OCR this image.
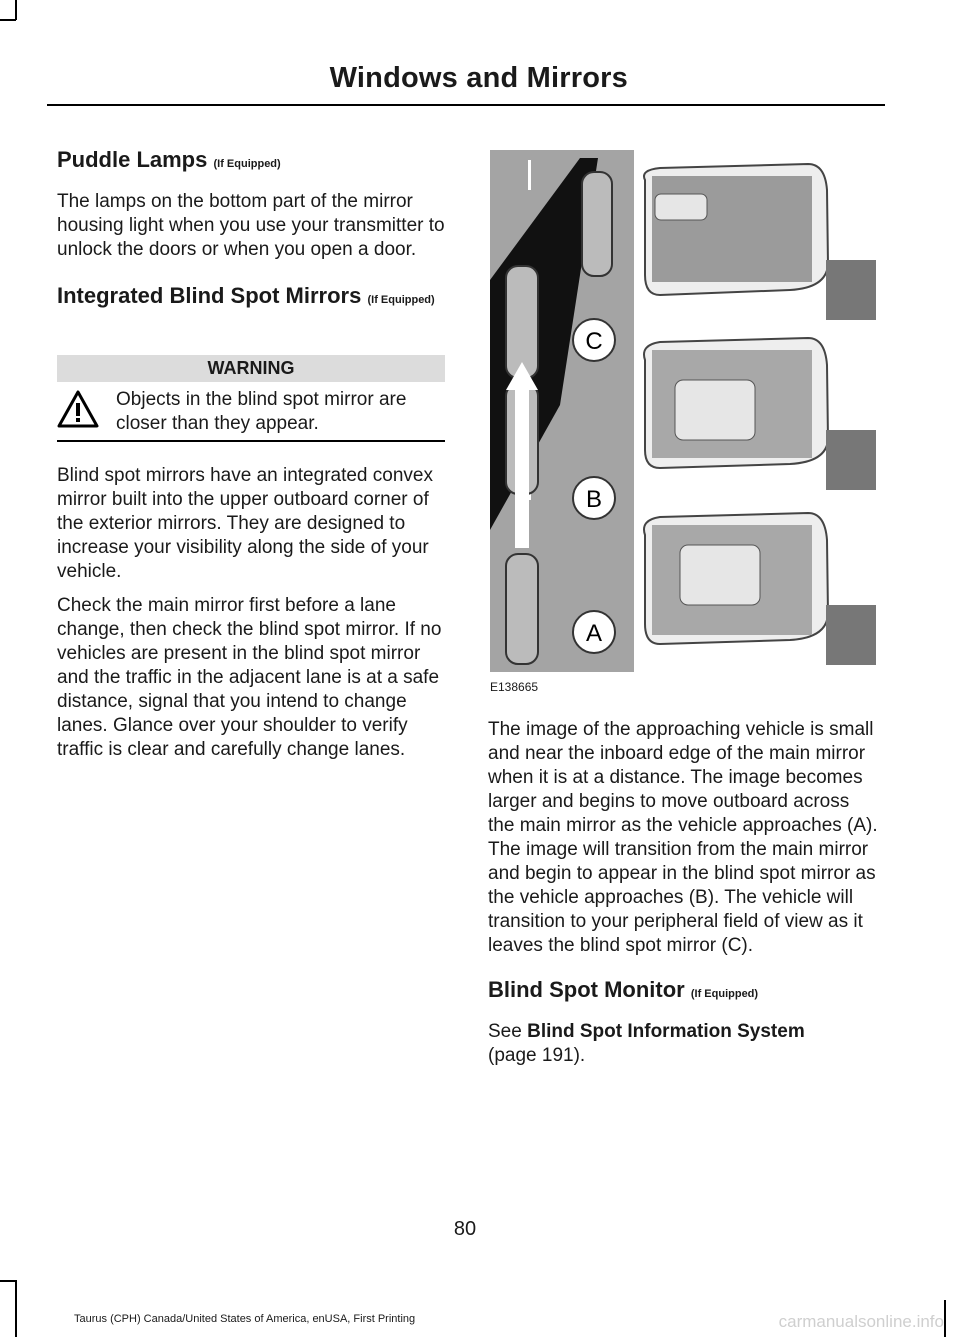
Windows and Mirrors
Puddle Lamps (If Equipped)

The lamps on the bottom part of the mirror housing light when you use your transmitter to unlock the doors or when you open a door.

Integrated Blind Spot Mirrors (If Equipped)
WARNING
Objects in the blind spot mirror are closer than they appear.

Blind spot mirrors have an integrated convex mirror built into the upper outboard corner of the exterior mirrors. They are designed to increase your visibility along the side of your vehicle.

Check the main mirror first before a lane change, then check the blind spot mirror. If no vehicles are present in the blind spot mirror and the traffic in the adjacent lane is at a safe distance, signal that you intend to change lanes. Glance over your shoulder to verify traffic is clear and carefully change lanes.

C
B
A
E138665

The image of the approaching vehicle is small and near the inboard edge of the main mirror when it is at a distance. The image becomes larger and begins to move outboard across the main mirror as the vehicle approaches (A). The image will transition from the main mirror and begin to appear in the blind spot mirror as the vehicle approaches (B). The vehicle will transition to your peripheral field of view as it leaves the blind spot mirror (C).

Blind Spot Monitor (If Equipped)

See Blind Spot Information System
(page 191).

80
Taurus (CPH) Canada/United States of America, enUSA, First Printing	carmanualsonline.info
